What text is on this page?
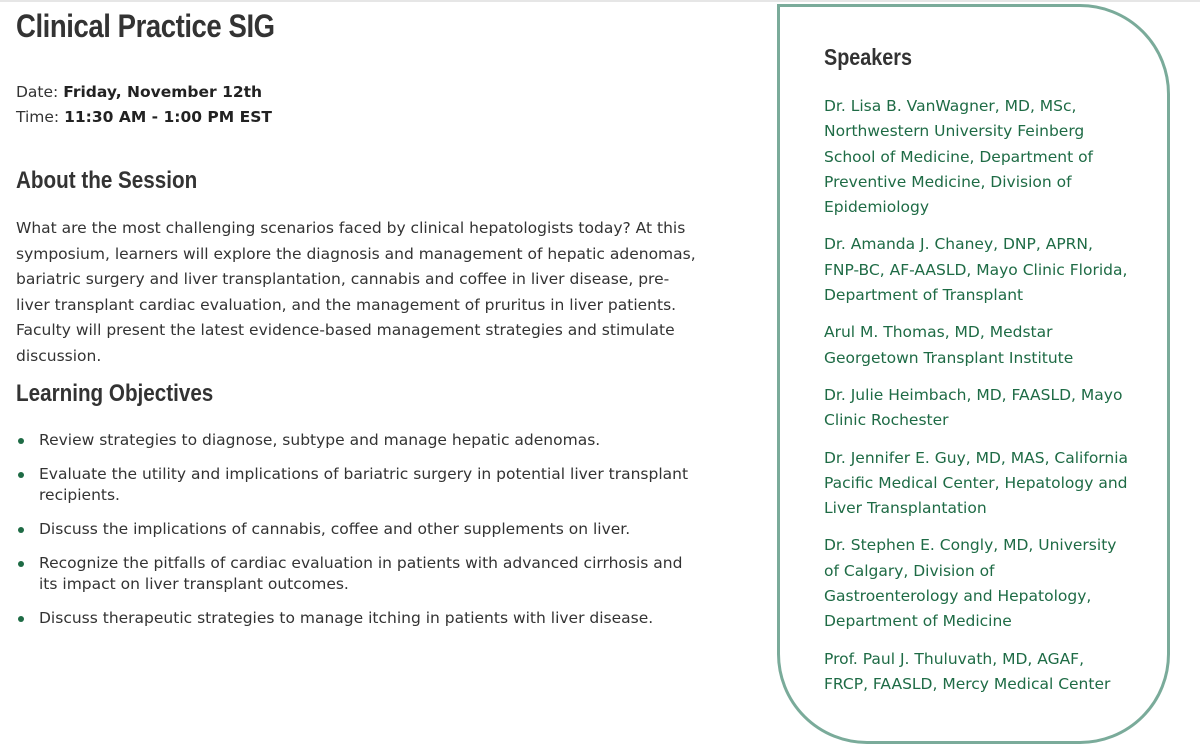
Clinical Practice SIG
Date: Friday, November 12th
Time: 11:30 AM - 1:00 PM EST
About the Session

What are the most challenging scenarios faced by clinical hepatologists today? At this symposium, learners will explore the diagnosis and management of hepatic adenomas, bariatric surgery and liver transplantation, cannabis and coffee in liver disease, pre-liver transplant cardiac evaluation, and the management of pruritus in liver patients. Faculty will present the latest evidence-based management strategies and stimulate discussion.

Learning Objectives
Review strategies to diagnose, subtype and manage hepatic adenomas.
Evaluate the utility and implications of bariatric surgery in potential liver transplant recipients.
Discuss the implications of cannabis, coffee and other supplements on liver.
Recognize the pitfalls of cardiac evaluation in patients with advanced cirrhosis and its impact on liver transplant outcomes.
Discuss therapeutic strategies to manage itching in patients with liver disease.
Speakers
Dr. Lisa B. VanWagner, MD, MSc, Northwestern University Feinberg School of Medicine, Department of Preventive Medicine, Division of Epidemiology
Dr. Amanda J. Chaney, DNP, APRN, FNP-BC, AF-AASLD, Mayo Clinic Florida, Department of Transplant
Arul M. Thomas, MD, Medstar Georgetown Transplant Institute
Dr. Julie Heimbach, MD, FAASLD, Mayo Clinic Rochester
Dr. Jennifer E. Guy, MD, MAS, California Pacific Medical Center, Hepatology and Liver Transplantation
Dr. Stephen E. Congly, MD, University of Calgary, Division of Gastroenterology and Hepatology, Department of Medicine
Prof. Paul J. Thuluvath, MD, AGAF, FRCP, FAASLD, Mercy Medical Center
